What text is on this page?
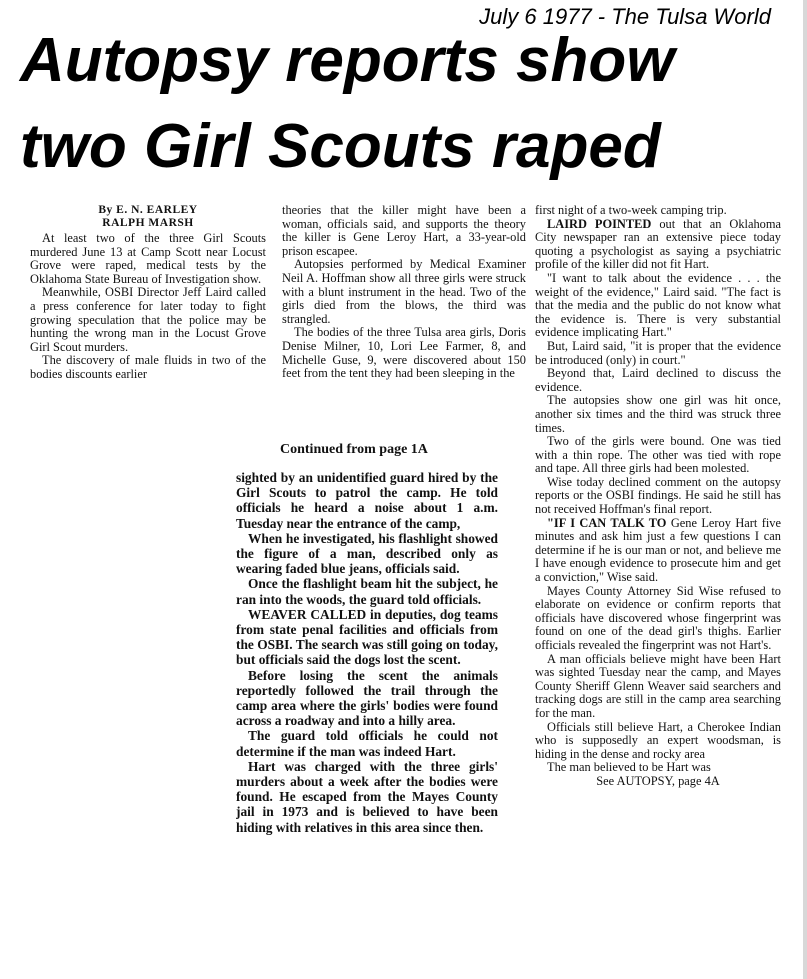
July 6 1977 - The Tulsa World
Autopsy reports show
two Girl Scouts raped
By E. N. EARLEY
RALPH MARSH

At least two of the three Girl Scouts murdered June 13 at Camp Scott near Locust Grove were raped, medical tests by the Oklahoma State Bureau of Investigation show.

Meanwhile, OSBI Director Jeff Laird called a press conference for later today to fight growing speculation that the police may be hunting the wrong man in the Locust Grove Girl Scout murders.

The discovery of male fluids in two of the bodies discounts earlier

theories that the killer might have been a woman, officials said, and supports the theory the killer is Gene Leroy Hart, a 33-year-old prison escapee.

Autopsies performed by Medical Examiner Neil A. Hoffman show all three girls were struck with a blunt instrument in the head. Two of the girls died from the blows, the third was strangled.

The bodies of the three Tulsa area girls, Doris Denise Milner, 10, Lori Lee Farmer, 8, and Michelle Guse, 9, were discovered about 150 feet from the tent they had been sleeping in the

Continued from page 1A

first night of a two-week camping trip.

LAIRD POINTED out that an Oklahoma City newspaper ran an extensive piece today quoting a psychologist as saying a psychiatric profile of the killer did not fit Hart.

"I want to talk about the evidence . . . the weight of the evidence," Laird said. "The fact is that the media and the public do not know what the evidence is. There is very substantial evidence implicating Hart."

But, Laird said, "it is proper that the evidence be introduced (only) in court."

Beyond that, Laird declined to discuss the evidence.

The autopsies show one girl was hit once, another six times and the third was struck three times.

Two of the girls were bound. One was tied with a thin rope. The other was tied with rope and tape. All three girls had been molested.

Wise today declined comment on the autopsy reports or the OSBI findings. He said he still has not received Hoffman's final report.

"IF I CAN TALK TO Gene Leroy Hart five minutes and ask him just a few questions I can determine if he is our man or not, and believe me I have enough evidence to prosecute him and get a conviction," Wise said.

Mayes County Attorney Sid Wise refused to elaborate on evidence or confirm reports that officials have discovered whose fingerprint was found on one of the dead girl's thighs. Earlier officials revealed the fingerprint was not Hart's.

A man officials believe might have been Hart was sighted Tuesday near the camp, and Mayes County Sheriff Glenn Weaver said searchers and tracking dogs are still in the camp area searching for the man.

Officials still believe Hart, a Cherokee Indian who is supposedly an expert woodsman, is hiding in the dense and rocky area

The man believed to be Hart was

See AUTOPSY, page 4A

sighted by an unidentified guard hired by the Girl Scouts to patrol the camp. He told officials he heard a noise about 1 a.m. Tuesday near the entrance of the camp,

When he investigated, his flashlight showed the figure of a man, described only as wearing faded blue jeans, officials said.

Once the flashlight beam hit the subject, he ran into the woods, the guard told officials.

WEAVER CALLED in deputies, dog teams from state penal facilities and officials from the OSBI. The search was still going on today, but officials said the dogs lost the scent.

Before losing the scent the animals reportedly followed the trail through the camp area where the girls' bodies were found across a roadway and into a hilly area.

The guard told officials he could not determine if the man was indeed Hart.

Hart was charged with the three girls' murders about a week after the bodies were found. He escaped from the Mayes County jail in 1973 and is believed to have been hiding with relatives in this area since then.
